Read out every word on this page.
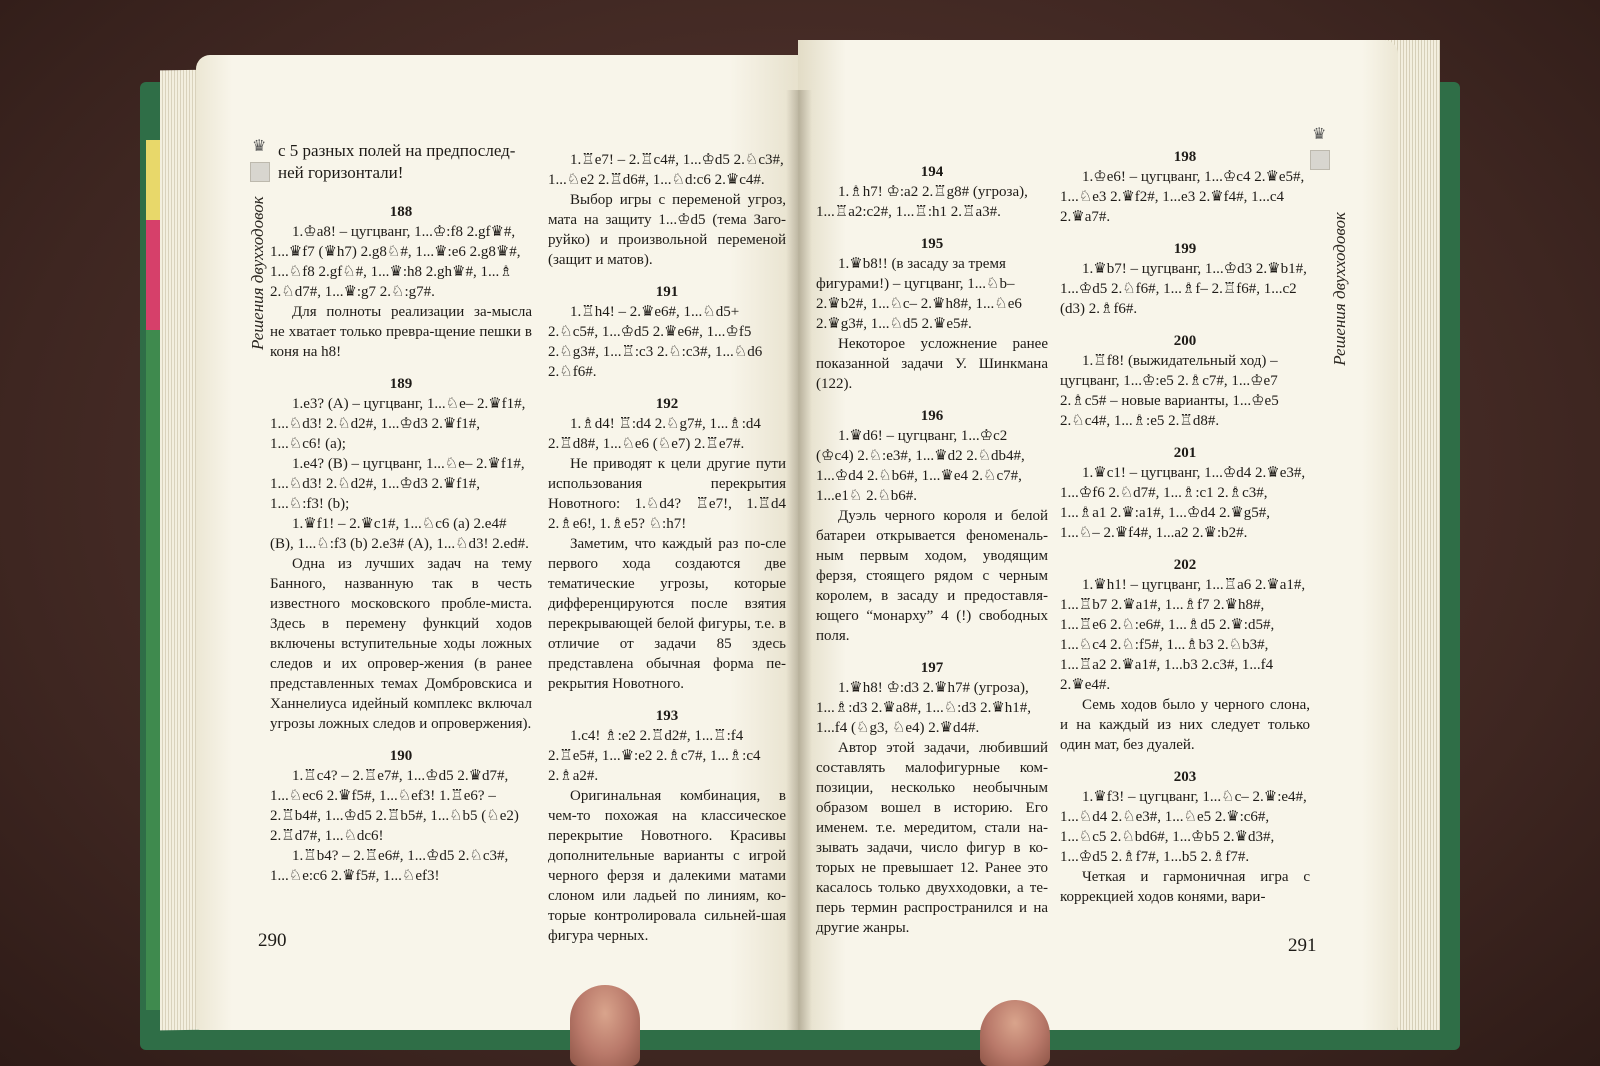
♛
Решения двухходовок

с 5 разных полей на предпослед-ней горизонтали!

188

1.♔a8! – цугцванг, 1...♔:f8 2.gf♛#, 1...♛f7 (♛h7) 2.g8♘#, 1...♛:e6 2.g8♛#, 1...♘f8 2.gf♘#, 1...♛:h8 2.gh♛#, 1...♗ 2.♘d7#, 1...♛:g7 2.♘:g7#.

Для полноты реализации за-мысла не хватает только превра-щение пешки в коня на h8!

189

1.e3? (А) – цугцванг, 1...♘e– 2.♛f1#, 1...♘d3! 2.♘d2#, 1...♔d3 2.♛f1#, 1...♘c6! (а);

1.e4? (В) – цугцванг, 1...♘e– 2.♛f1#, 1...♘d3! 2.♘d2#, 1...♔d3 2.♛f1#, 1...♘:f3! (b);

1.♛f1! – 2.♛c1#, 1...♘c6 (а) 2.e4# (В), 1...♘:f3 (b) 2.e3# (А), 1...♘d3! 2.ed#.

Одна из лучших задач на тему Банного, названную так в честь известного московского пробле-миста. Здесь в перемену функций ходов включены вступительные ходы ложных следов и их опровер-жения (в ранее представленных темах Домбровскиса и Ханнелиуса идейный комплекс включал угрозы ложных следов и опровержения).

190

1.♖c4? – 2.♖e7#, 1...♔d5 2.♛d7#, 1...♘ec6 2.♛f5#, 1...♘ef3! 1.♖e6? – 2.♖b4#, 1...♔d5 2.♖b5#, 1...♘b5 (♘e2) 2.♖d7#, 1...♘dc6!

1.♖b4? – 2.♖e6#, 1...♔d5 2.♘c3#, 1...♘e:c6 2.♛f5#, 1...♘ef3!

1.♖e7! – 2.♖c4#, 1...♔d5 2.♘c3#, 1...♘e2 2.♖d6#, 1...♘d:c6 2.♛c4#.

Выбор игры с переменой угроз, мата на защиту 1...♔d5 (тема Заго-руйко) и произвольной переменой (защит и матов).

191

1.♖h4! – 2.♛e6#, 1...♘d5+ 2.♘c5#, 1...♔d5 2.♛e6#, 1...♔f5 2.♘g3#, 1...♖:c3 2.♘:c3#, 1...♘d6 2.♘f6#.

192

1.♗d4! ♖:d4 2.♘g7#, 1...♗:d4 2.♖d8#, 1...♘e6 (♘e7) 2.♖e7#.

Не приводят к цели другие пути использования перекрытия Новотного: 1.♘d4? ♖e7!, 1.♖d4 2.♗e6!, 1.♗e5? ♘:h7!

Заметим, что каждый раз по-сле первого хода создаются две тематические угрозы, которые дифференцируются после взятия перекрывающей белой фигуры, т.е. в отличие от задачи 85 здесь представлена обычная форма пе-рекрытия Новотного.

193

1.c4! ♗:e2 2.♖d2#, 1...♖:f4 2.♖e5#, 1...♛:e2 2.♗c7#, 1...♗:c4 2.♗a2#.

Оригинальная комбинация, в чем-то похожая на классическое перекрытие Новотного. Красивы дополнительные варианты с игрой черного ферзя и далекими матами слоном или ладьей по линиям, ко-торые контролировала сильней-шая фигура черных.

290
♛
Решения двухходовок

194

1.♗h7! ♔:a2 2.♖g8# (угроза), 1...♖a2:c2#, 1...♖:h1 2.♖a3#.

195

1.♛b8!! (в засаду за тремя фигурами!) – цугцванг, 1...♘b– 2.♛b2#, 1...♘c– 2.♛h8#, 1...♘e6 2.♛g3#, 1...♘d5 2.♛e5#.

Некоторое усложнение ранее показанной задачи У. Шинкмана (122).

196

1.♛d6! – цугцванг, 1...♔c2 (♔c4) 2.♘:e3#, 1...♛d2 2.♘db4#, 1...♔d4 2.♘b6#, 1...♛e4 2.♘c7#, 1...e1♘ 2.♘b6#.

Дуэль черного короля и белой батареи открывается феноменаль-ным первым ходом, уводящим ферзя, стоящего рядом с черным королем, в засаду и предоставля-ющего “монарху” 4 (!) свободных поля.

197

1.♛h8! ♔:d3 2.♛h7# (угроза), 1...♗:d3 2.♛a8#, 1...♘:d3 2.♛h1#, 1...f4 (♘g3, ♘e4) 2.♛d4#.

Автор этой задачи, любивший составлять малофигурные ком-позиции, несколько необычным образом вошел в историю. Его именем. т.е. мередитом, стали на-зывать задачи, число фигур в ко-торых не превышает 12. Ранее это касалось только двухходовки, а те-перь термин распространился и на другие жанры.

198

1.♔e6! – цугцванг, 1...♔c4 2.♛e5#, 1...♘e3 2.♛f2#, 1...e3 2.♛f4#, 1...c4 2.♛a7#.

199

1.♛b7! – цугцванг, 1...♔d3 2.♛b1#, 1...♔d5 2.♘f6#, 1...♗f– 2.♖f6#, 1...c2 (d3) 2.♗f6#.

200

1.♖f8! (выжидательный ход) – цугцванг, 1...♔:e5 2.♗c7#, 1...♔e7 2.♗c5# – новые варианты, 1...♔e5 2.♘c4#, 1...♗:e5 2.♖d8#.

201

1.♛c1! – цугцванг, 1...♔d4 2.♛e3#, 1...♔f6 2.♘d7#, 1...♗:c1 2.♗c3#, 1...♗a1 2.♛:a1#, 1...♔d4 2.♛g5#, 1...♘– 2.♛f4#, 1...a2 2.♛:b2#.

202

1.♛h1! – цугцванг, 1...♖a6 2.♛a1#, 1...♖b7 2.♛a1#, 1...♗f7 2.♛h8#, 1...♖e6 2.♘:e6#, 1...♗d5 2.♛:d5#, 1...♘c4 2.♘:f5#, 1...♗b3 2.♘b3#, 1...♖a2 2.♛a1#, 1...b3 2.c3#, 1...f4 2.♛e4#.

Семь ходов было у черного слона, и на каждый из них следует только один мат, без дуалей.

203

1.♛f3! – цугцванг, 1...♘c– 2.♛:e4#, 1...♘d4 2.♘e3#, 1...♘e5 2.♛:c6#, 1...♘c5 2.♘bd6#, 1...♔b5 2.♛d3#, 1...♔d5 2.♗f7#, 1...b5 2.♗f7#.

Четкая и гармоничная игра с коррекцией ходов конями, вари-

291
